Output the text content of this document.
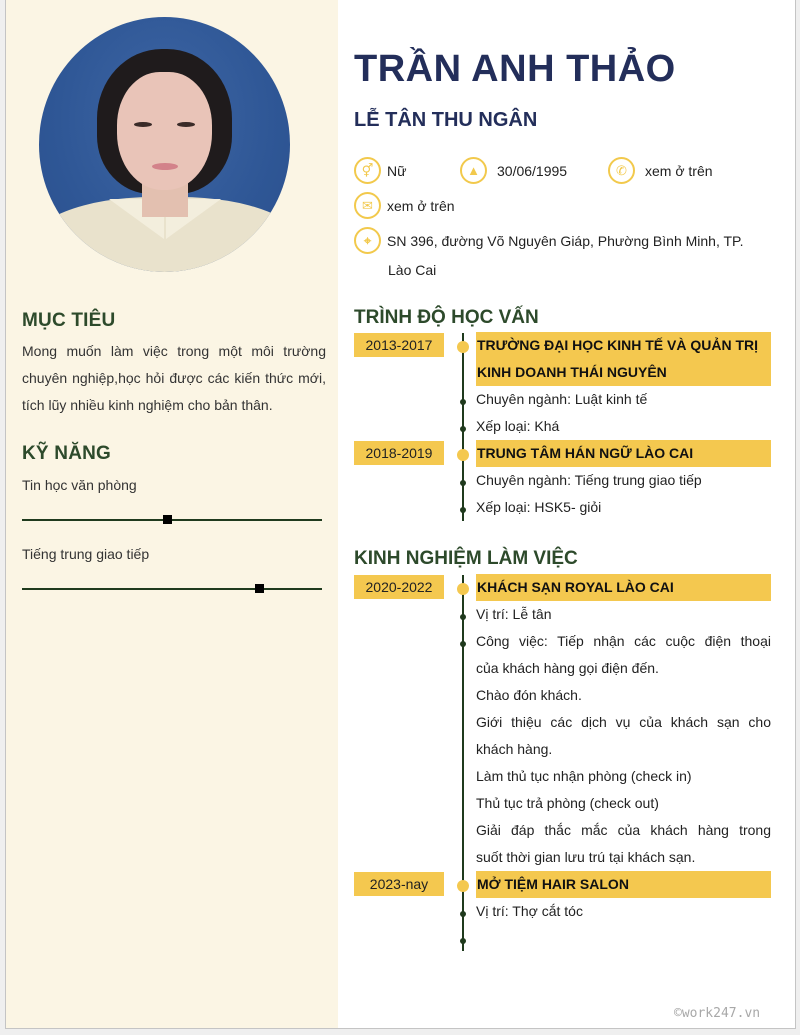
MỤC TIÊU
Mong muốn làm việc trong một môi trường chuyên nghiệp,học hỏi được các kiến thức mới, tích lũy nhiều kinh nghiệm cho bản thân.
KỸ NĂNG
Tin học văn phòng
Tiếng trung giao tiếp
TRẦN ANH THẢO
LỄ TÂN THU NGÂN
⚥ Nữ	▲	30/06/1995	✆	xem ở trên
✉	xem ở trên
⌖	SN 396, đường Võ Nguyên Giáp, Phường Bình Minh, TP.
Lào Cai
TRÌNH ĐỘ HỌC VẤN
2013-2017	TRƯỜNG ĐẠI HỌC KINH TẾ VÀ QUẢN TRỊ
KINH DOANH THÁI NGUYÊN
Chuyên ngành: Luật kinh tế
Xếp loại: Khá
2018-2019	TRUNG TÂM HÁN NGỮ LÀO CAI
Chuyên ngành: Tiếng trung giao tiếp
Xếp loại: HSK5- giỏi
KINH NGHIỆM LÀM VIỆC
2020-2022	KHÁCH SẠN ROYAL LÀO CAI
Vị trí: Lễ tân
Công việc: Tiếp nhận các cuộc điện thoại
của khách hàng gọi điện đến.
Chào đón khách.
Giới thiệu các dịch vụ của khách sạn cho
khách hàng.
Làm thủ tục nhận phòng (check in)
Thủ tục trả phòng (check out)
Giải đáp thắc mắc của khách hàng trong
suốt thời gian lưu trú tại khách sạn.
2023-nay	MỞ TIỆM HAIR SALON
Vị trí: Thợ cắt tóc
©work247.vn
